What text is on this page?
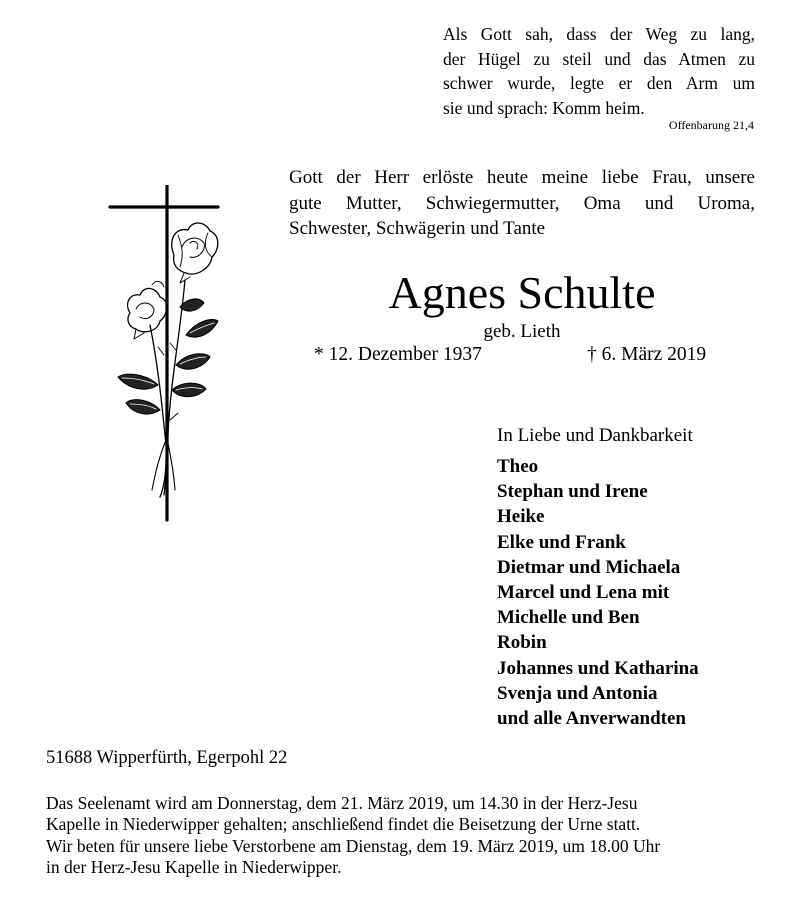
Als Gott sah, dass der Weg zu lang,
der Hügel zu steil und das Atmen zu
schwer wurde, legte er den Arm um
sie und sprach: Komm heim.
Offenbarung 21,4
Gott der Herr erlöste heute meine liebe Frau, unsere
gute Mutter, Schwiegermutter, Oma und Uroma,
Schwester, Schwägerin und Tante
Agnes Schulte
geb. Lieth
* 12. Dezember 1937	† 6. März 2019
In Liebe und Dankbarkeit
Theo
Stephan und Irene
Heike
Elke und Frank
Dietmar und Michaela
Marcel und Lena mit
Michelle und Ben
Robin
Johannes und Katharina
Svenja und Antonia
und alle Anverwandten
51688 Wipperfürth, Egerpohl 22
Das Seelenamt wird am Donnerstag, dem 21. März 2019, um 14.30 in der Herz-Jesu
Kapelle in Niederwipper gehalten; anschließend findet die Beisetzung der Urne statt.
Wir beten für unsere liebe Verstorbene am Dienstag, dem 19. März 2019, um 18.00 Uhr
in der Herz-Jesu Kapelle in Niederwipper.
